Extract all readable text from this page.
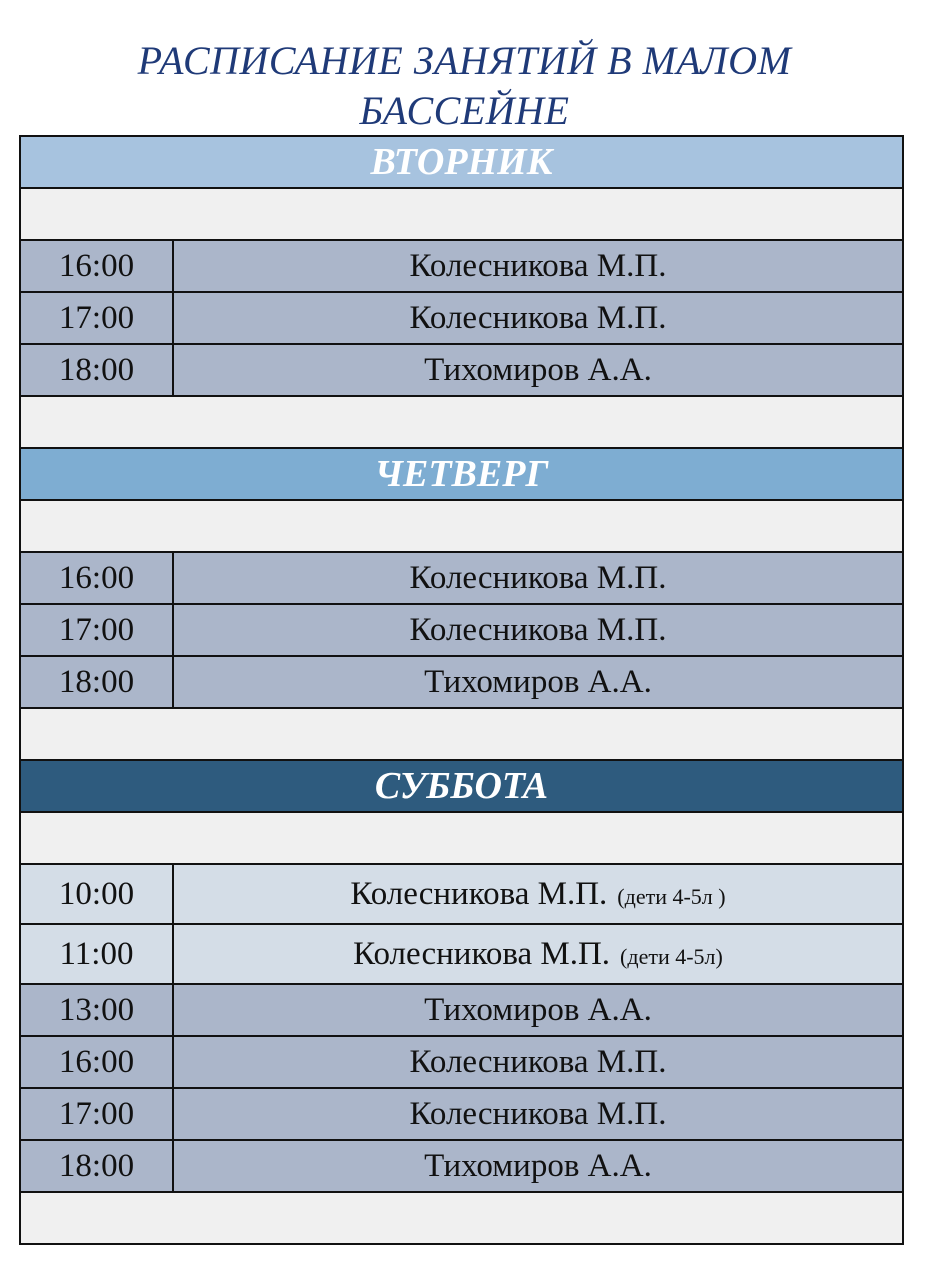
РАСПИСАНИЕ ЗАНЯТИЙ В МАЛОМ
БАССЕЙНЕ
ВТОРНИК	

16:00	Колесникова М.П.
17:00	Колесникова М.П.
18:00	Тихомиров А.А.

ЧЕТВЕРГ	

16:00	Колесникова М.П.
17:00	Колесникова М.П.
18:00	Тихомиров А.А.

СУББОТА	

10:00	Колесникова М.П. (дети 4-5л )
11:00	Колесникова М.П. (дети 4-5л)
13:00	Тихомиров А.А.
16:00	Колесникова М.П.
17:00	Колесникова М.П.
18:00	Тихомиров А.А.
